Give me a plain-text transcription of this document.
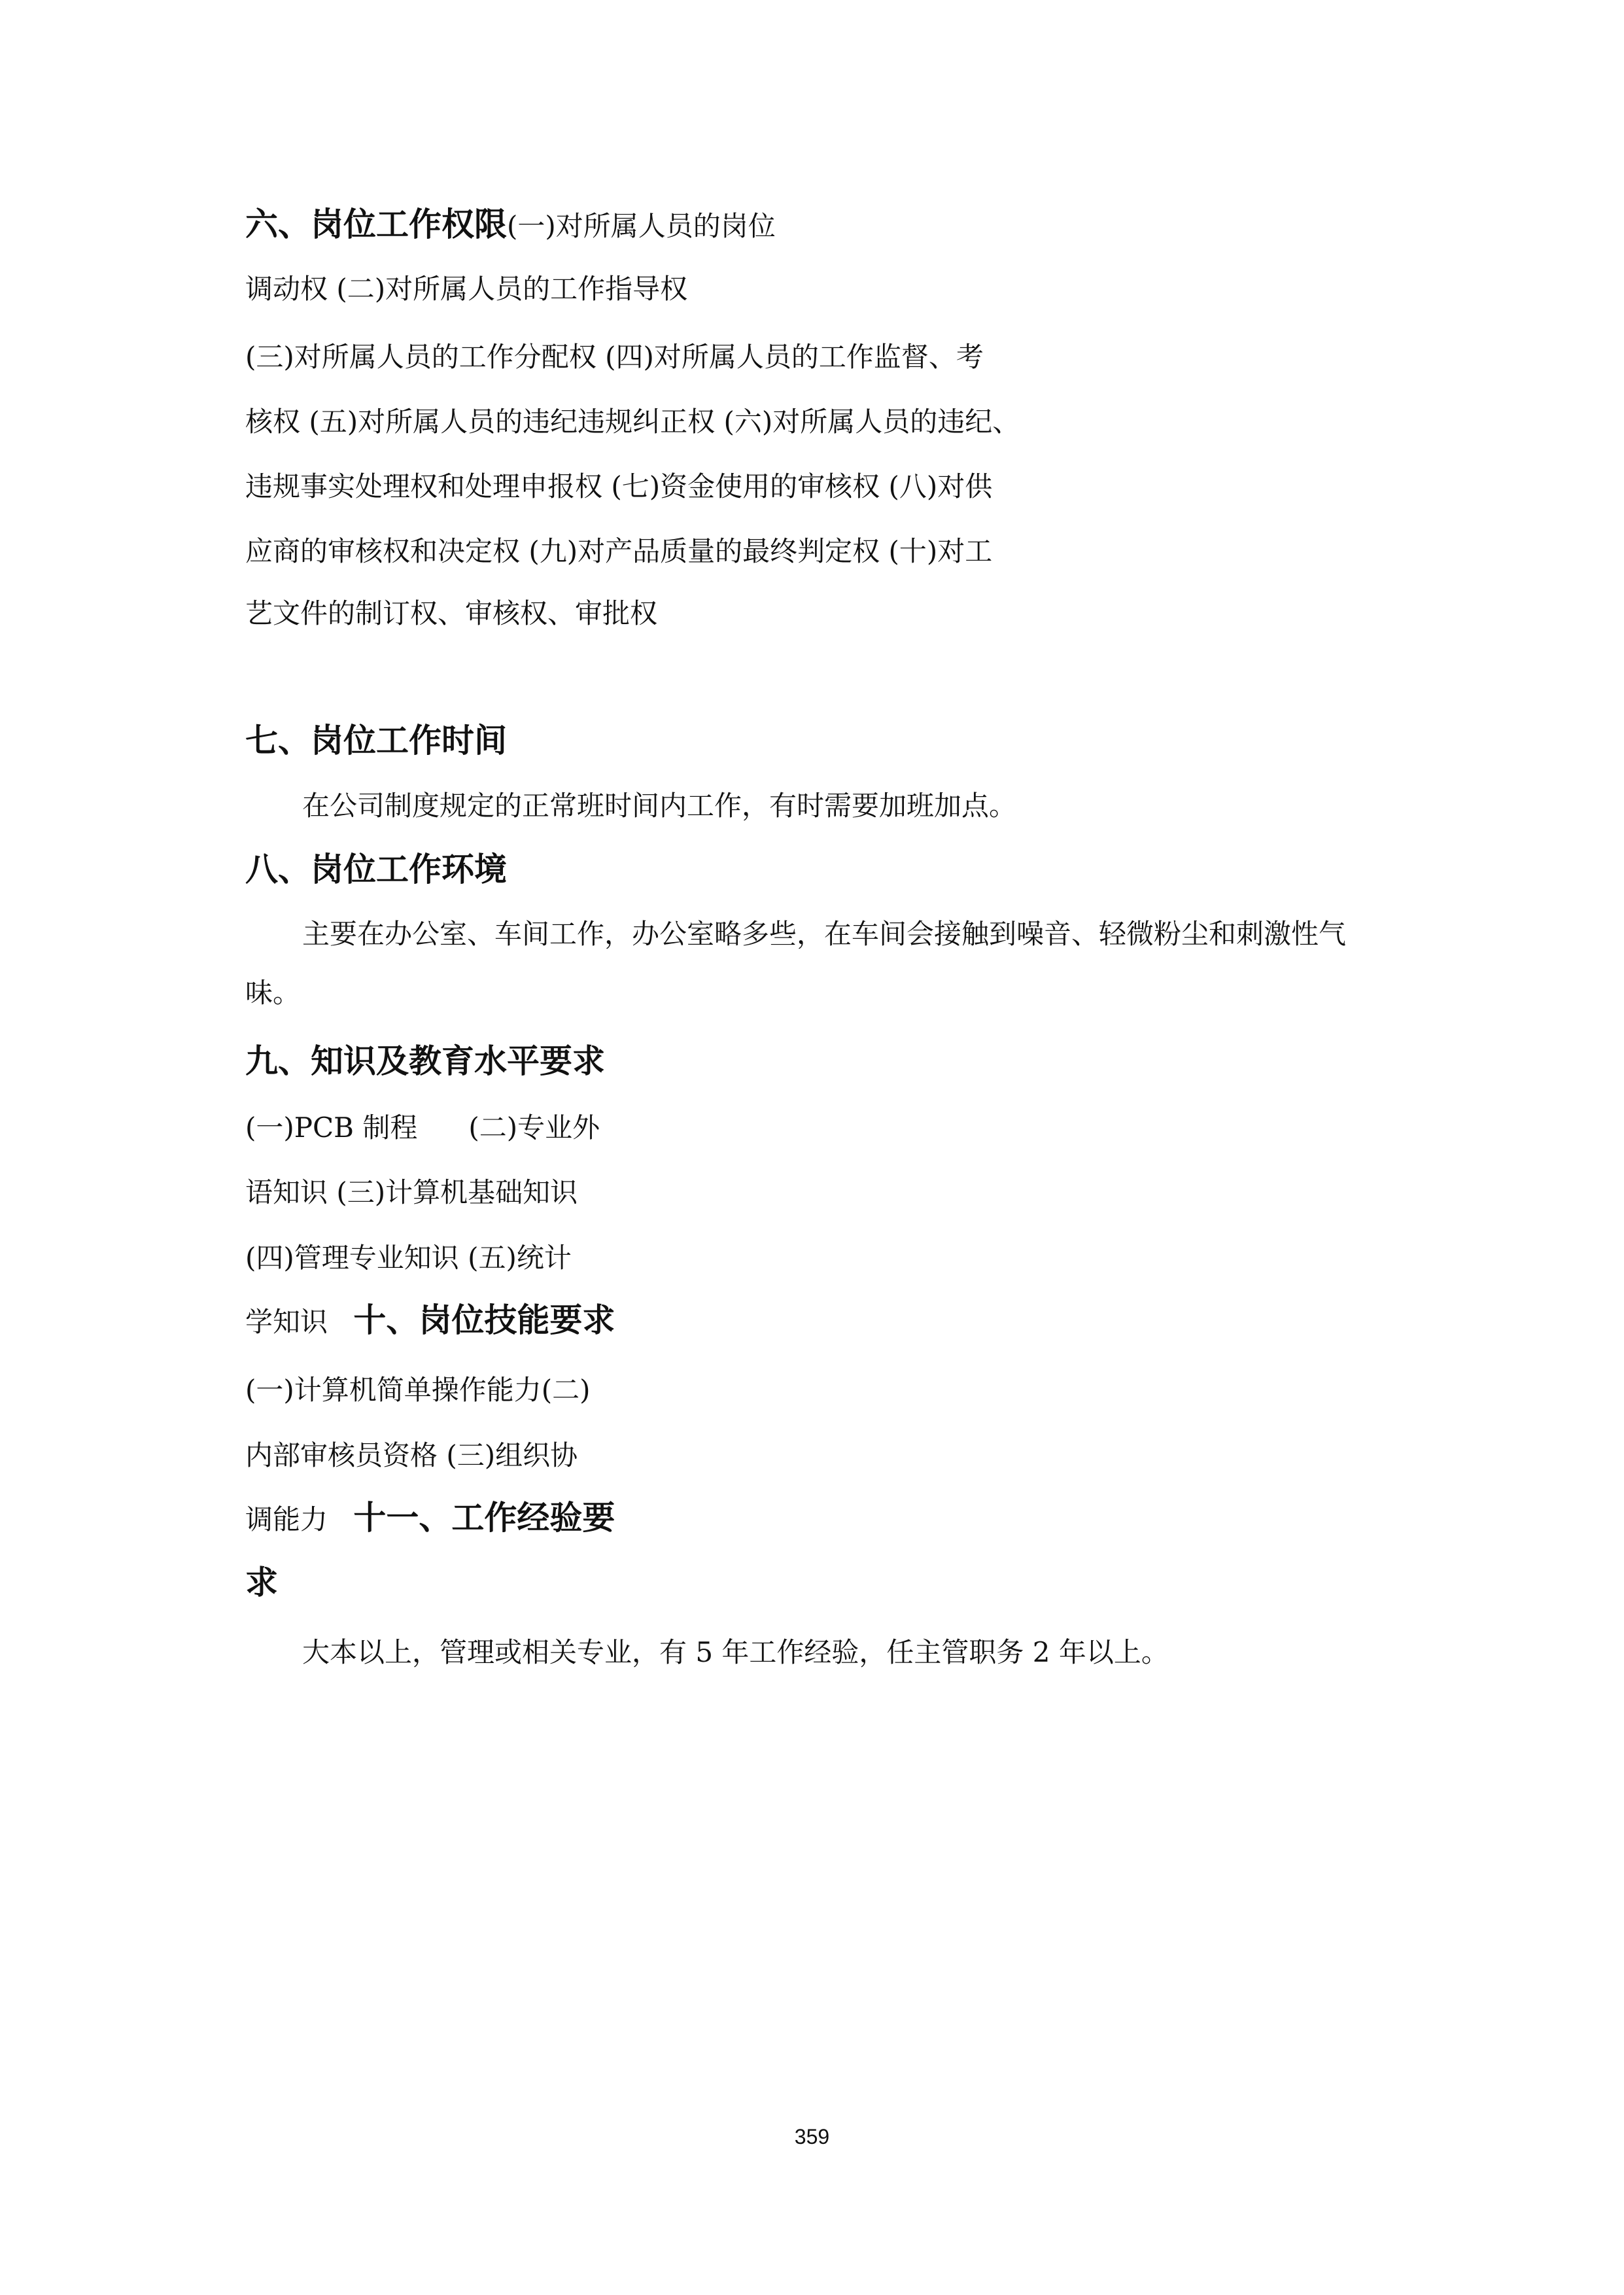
六、岗位工作权限(一)对所属人员的岗位
调动权 (二)对所属人员的工作指导权
(三)对所属人员的工作分配权 (四)对所属人员的工作监督、考
核权 (五)对所属人员的违纪违规纠正权 (六)对所属人员的违纪、
违规事实处理权和处理申报权 (七)资金使用的审核权 (八)对供
应商的审核权和决定权 (九)对产品质量的最终判定权 (十)对工
艺文件的制订权、审核权、审批权
七、岗位工作时间
在公司制度规定的正常班时间内工作，有时需要加班加点。
八、岗位工作环境
主要在办公室、车间工作，办公室略多些，在车间会接触到噪音、轻微粉尘和刺激性气
味。
九、知识及教育水平要求
(一)PCB 制程 (二)专业外
语知识 (三)计算机基础知识
(四)管理专业知识 (五)统计
学知识 十、岗位技能要求
(一)计算机简单操作能力(二)
内部审核员资格 (三)组织协
调能力 十一、工作经验要
求
大本以上，管理或相关专业，有 5 年工作经验，任主管职务 2 年以上。
359
